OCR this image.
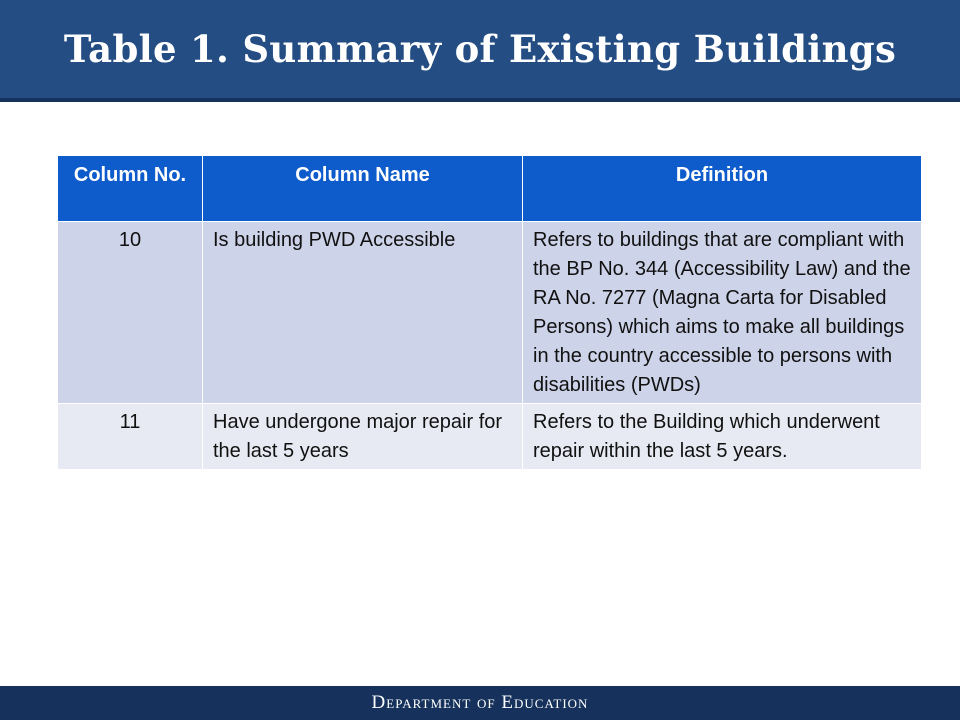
Table 1. Summary of Existing Buildings
Column No.	Column Name	Definition
10	Is building PWD Accessible	Refers to buildings that are compliant with the BP No. 344 (Accessibility Law) and the RA No. 7277 (Magna Carta for Disabled Persons) which aims to make all buildings in the country accessible to persons with disabilities (PWDs)
11	Have undergone major repair for the last 5 years	Refers to the Building which underwent repair within the last 5 years.
Department of Education
